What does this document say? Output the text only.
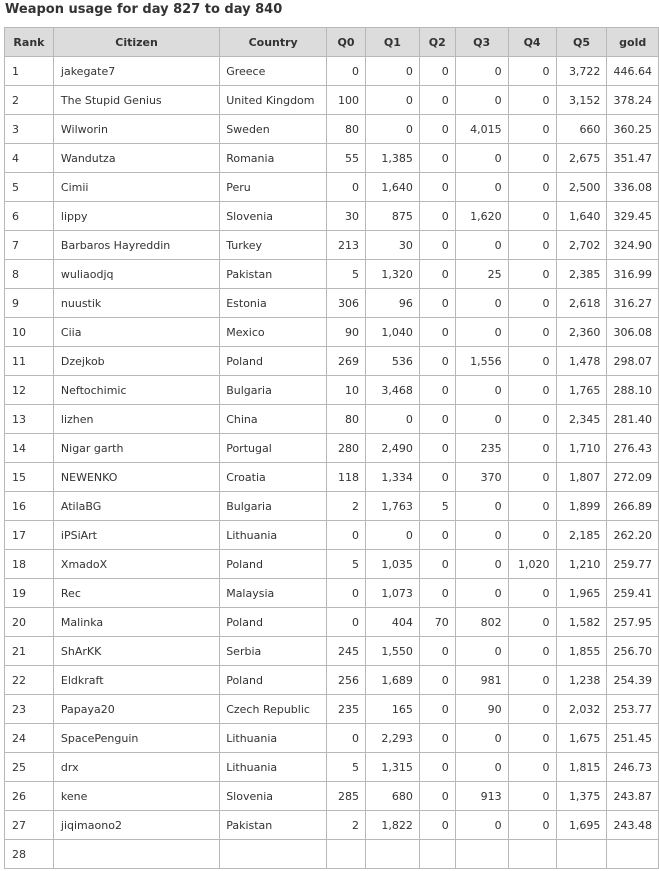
Weapon usage for day 827 to day 840
Rank	Citizen	Country	Q0	Q1	Q2	Q3	Q4	Q5	gold
1	jakegate7	Greece	0	0	0	0	0	3,722	446.64
2	The Stupid Genius	United Kingdom	100	0	0	0	0	3,152	378.24
3	Wilworin	Sweden	80	0	0	4,015	0	660	360.25
4	Wandutza	Romania	55	1,385	0	0	0	2,675	351.47
5	Cimii	Peru	0	1,640	0	0	0	2,500	336.08
6	lippy	Slovenia	30	875	0	1,620	0	1,640	329.45
7	Barbaros Hayreddin	Turkey	213	30	0	0	0	2,702	324.90
8	wuliaodjq	Pakistan	5	1,320	0	25	0	2,385	316.99
9	nuustik	Estonia	306	96	0	0	0	2,618	316.27
10	Ciia	Mexico	90	1,040	0	0	0	2,360	306.08
11	Dzejkob	Poland	269	536	0	1,556	0	1,478	298.07
12	Neftochimic	Bulgaria	10	3,468	0	0	0	1,765	288.10
13	lizhen	China	80	0	0	0	0	2,345	281.40
14	Nigar garth	Portugal	280	2,490	0	235	0	1,710	276.43
15	NEWENKO	Croatia	118	1,334	0	370	0	1,807	272.09
16	AtilaBG	Bulgaria	2	1,763	5	0	0	1,899	266.89
17	iPSiArt	Lithuania	0	0	0	0	0	2,185	262.20
18	XmadoX	Poland	5	1,035	0	0	1,020	1,210	259.77
19	Rec	Malaysia	0	1,073	0	0	0	1,965	259.41
20	Malinka	Poland	0	404	70	802	0	1,582	257.95
21	ShArKK	Serbia	245	1,550	0	0	0	1,855	256.70
22	Eldkraft	Poland	256	1,689	0	981	0	1,238	254.39
23	Papaya20	Czech Republic	235	165	0	90	0	2,032	253.77
24	SpacePenguin	Lithuania	0	2,293	0	0	0	1,675	251.45
25	drx	Lithuania	5	1,315	0	0	0	1,815	246.73
26	kene	Slovenia	285	680	0	913	0	1,375	243.87
27	jiqimaono2	Pakistan	2	1,822	0	0	0	1,695	243.48
28									
